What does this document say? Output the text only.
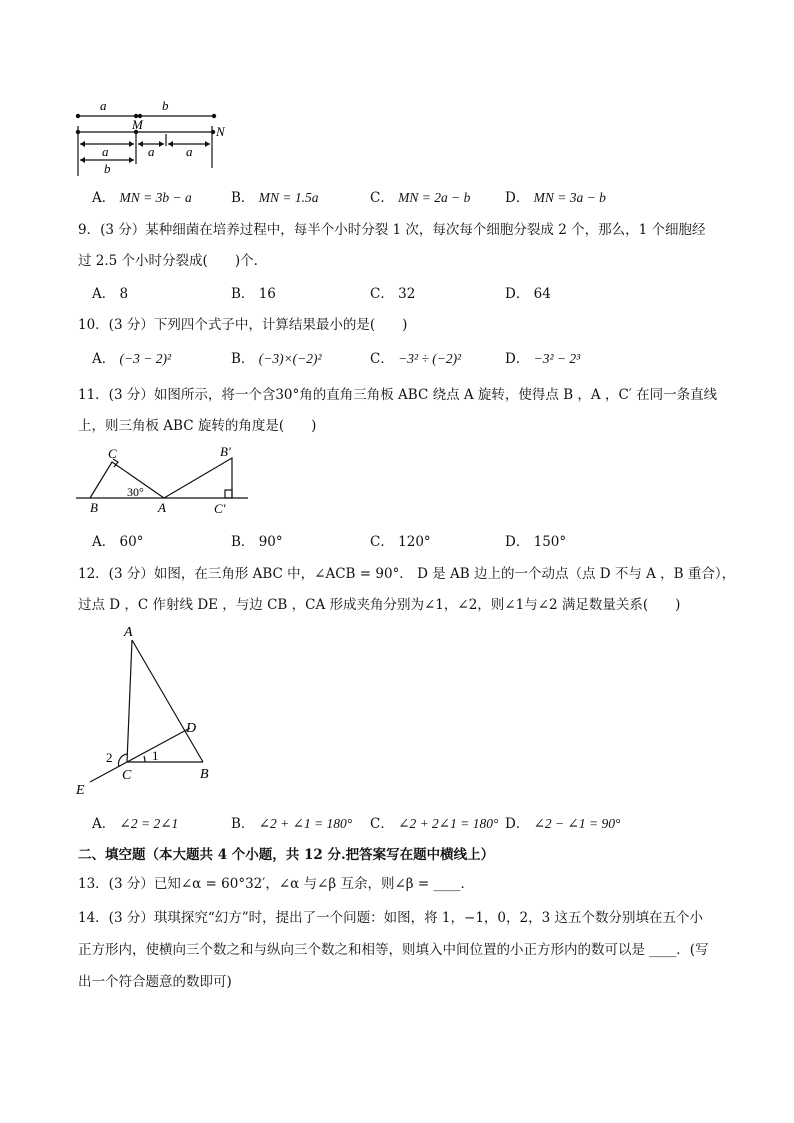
a	b
M	N
a	a a
b
A． MN = 3b − a	B． MN = 1.5a	C． MN = 2a − b	D． MN = 3a − b
9．(3 分）某种细菌在培养过程中，每半个小时分裂 1 次，每次每个细胞分裂成 2 个，那么，1 个细胞经
过 2.5 个小时分裂成(　　)个.
A． 8	B． 16	C． 32	D． 64
10．(3 分）下列四个式子中，计算结果最小的是(　　)
A． (−3 − 2)²	B． (−3)×(−2)²	C． −3² ÷ (−2)²	D． −3² − 2³
11．(3 分）如图所示，将一个含30°角的直角三角板 ABC 绕点 A 旋转，使得点 B ，A ，C′ 在同一条直线
上，则三角板 ABC 旋转的角度是(　　)
C
30°
B	A
B′
C′
A． 60°	B． 90°	C． 120°	D． 150°
12．(3 分）如图，在三角形 ABC 中，∠ACB = 90°． D 是 AB 边上的一个动点（点 D 不与 A ，B 重合），
过点 D ，C 作射线 DE ，与边 CB ，CA 形成夹角分别为∠1，∠2，则∠1与∠2 满足数量关系(　　)
A
D
2	1
C	B
E
A． ∠2 = 2∠1	B． ∠2 + ∠1 = 180° C． ∠2 + 2∠1 = 180° D． ∠2 − ∠1 = 90°
二、填空题（本大题共 4 个小题，共 12 分.把答案写在题中横线上）
13．(3 分）已知∠α = 60°32′，∠α 与∠β 互余，则∠β = ____．
14．(3 分）琪琪探究“幻方”时，提出了一个问题：如图，将 1，−1，0，2，3 这五个数分别填在五个小
正方形内，使横向三个数之和与纵向三个数之和相等，则填入中间位置的小正方形内的数可以是 ____．(写
出一个符合题意的数即可)
